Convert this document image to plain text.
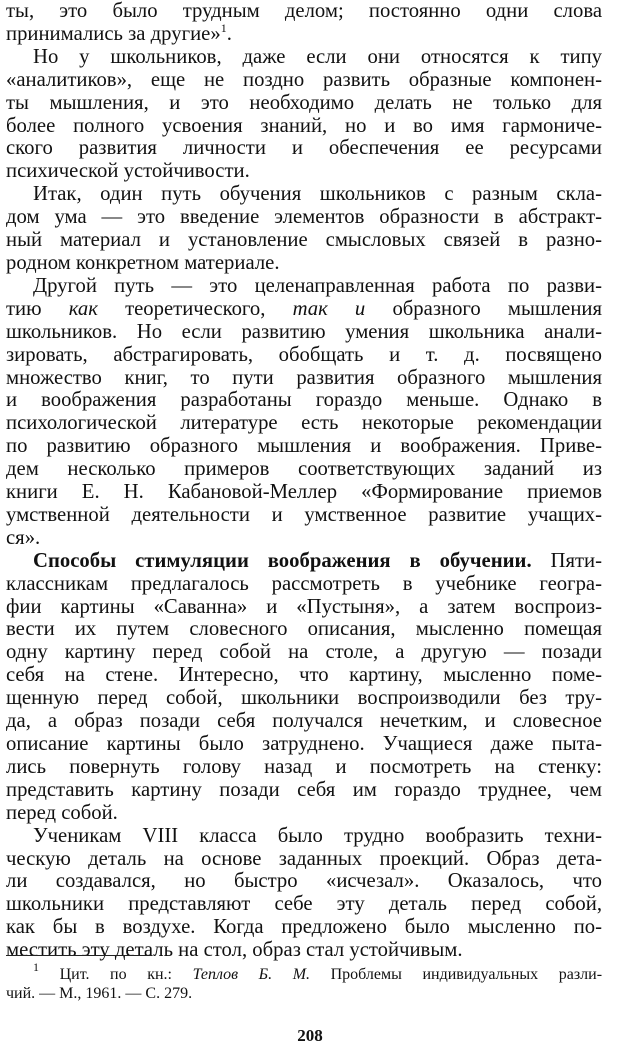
ты, это было трудным делом; постоянно одни слова
принимались за другие»$^1$.
Но у школьников, даже если они относятся к типу
«аналитиков», еще не поздно развить образные компонен-
ты мышления, и это необходимо делать не только для
более полного усвоения знаний, но и во имя гармониче-
ского развития личности и обеспечения ее ресурсами
психической устойчивости.
Итак, один путь обучения школьников с разным скла-
дом ума — это введение элементов образности в абстракт-
ный материал и установление смысловых связей в разно-
родном конкретном материале.
Другой путь — это целенаправленная работа по разви-
тию как теоретического, так и образного мышления
школьников. Но если развитию умения школьника анали-
зировать, абстрагировать, обобщать и т. д. посвящено
множество книг, то пути развития образного мышления
и воображения разработаны гораздо меньше. Однако в
психологической литературе есть некоторые рекомендации
по развитию образного мышления и воображения. Приве-
дем несколько примеров соответствующих заданий из
книги Е. Н. Кабановой-Меллер «Формирование приемов
умственной деятельности и умственное развитие учащих-
ся».
Способы стимуляции воображения в обучении. Пяти-
классникам предлагалось рассмотреть в учебнике геогра-
фии картины «Саванна» и «Пустыня», а затем воспроиз-
вести их путем словесного описания, мысленно помещая
одну картину перед собой на столе, а другую — позади
себя на стене. Интересно, что картину, мысленно поме-
щенную перед собой, школьники воспроизводили без тру-
да, а образ позади себя получался нечетким, и словесное
описание картины было затруднено. Учащиеся даже пыта-
лись повернуть голову назад и посмотреть на стенку:
представить картину позади себя им гораздо труднее, чем
перед собой.
Ученикам VIII класса было трудно вообразить техни-
ческую деталь на основе заданных проекций. Образ дета-
ли создавался, но быстро «исчезал». Оказалось, что
школьники представляют себе эту деталь перед собой,
как бы в воздухе. Когда предложено было мысленно по-
местить эту деталь на стол, образ стал устойчивым.
$^1$ Цит. по кн.: Теплов Б. М. Проблемы индивидуальных разли-
чий. — М., 1961. — С. 279.
208
